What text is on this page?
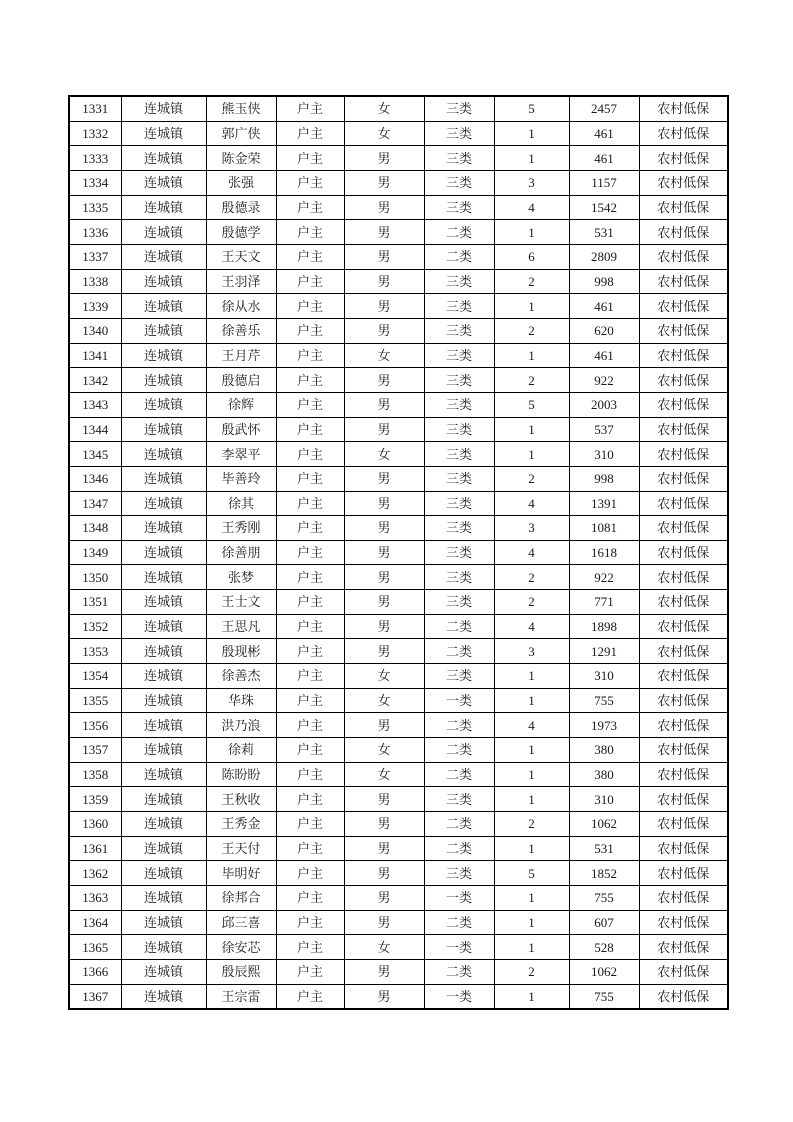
1331	连城镇	熊玉侠	户主	女	三类	5	2457	农村低保
1332	连城镇	郭广侠	户主	女	三类	1	461	农村低保
1333	连城镇	陈金荣	户主	男	三类	1	461	农村低保
1334	连城镇	张强	户主	男	三类	3	1157	农村低保
1335	连城镇	殷德录	户主	男	三类	4	1542	农村低保
1336	连城镇	殷德学	户主	男	二类	1	531	农村低保
1337	连城镇	王天文	户主	男	二类	6	2809	农村低保
1338	连城镇	王羽泽	户主	男	三类	2	998	农村低保
1339	连城镇	徐从水	户主	男	三类	1	461	农村低保
1340	连城镇	徐善乐	户主	男	三类	2	620	农村低保
1341	连城镇	王月芹	户主	女	三类	1	461	农村低保
1342	连城镇	殷德启	户主	男	三类	2	922	农村低保
1343	连城镇	徐辉	户主	男	三类	5	2003	农村低保
1344	连城镇	殷武怀	户主	男	三类	1	537	农村低保
1345	连城镇	李翠平	户主	女	三类	1	310	农村低保
1346	连城镇	毕善玲	户主	男	三类	2	998	农村低保
1347	连城镇	徐其	户主	男	三类	4	1391	农村低保
1348	连城镇	王秀刚	户主	男	三类	3	1081	农村低保
1349	连城镇	徐善朋	户主	男	三类	4	1618	农村低保
1350	连城镇	张梦	户主	男	三类	2	922	农村低保
1351	连城镇	王士文	户主	男	三类	2	771	农村低保
1352	连城镇	王思凡	户主	男	二类	4	1898	农村低保
1353	连城镇	殷现彬	户主	男	二类	3	1291	农村低保
1354	连城镇	徐善杰	户主	女	三类	1	310	农村低保
1355	连城镇	华珠	户主	女	一类	1	755	农村低保
1356	连城镇	洪乃浪	户主	男	二类	4	1973	农村低保
1357	连城镇	徐莉	户主	女	二类	1	380	农村低保
1358	连城镇	陈盼盼	户主	女	二类	1	380	农村低保
1359	连城镇	王秋收	户主	男	三类	1	310	农村低保
1360	连城镇	王秀金	户主	男	二类	2	1062	农村低保
1361	连城镇	王天付	户主	男	二类	1	531	农村低保
1362	连城镇	毕明好	户主	男	三类	5	1852	农村低保
1363	连城镇	徐邦合	户主	男	一类	1	755	农村低保
1364	连城镇	邱三喜	户主	男	二类	1	607	农村低保
1365	连城镇	徐安芯	户主	女	一类	1	528	农村低保
1366	连城镇	殷辰熙	户主	男	二类	2	1062	农村低保
1367	连城镇	王宗雷	户主	男	一类	1	755	农村低保
